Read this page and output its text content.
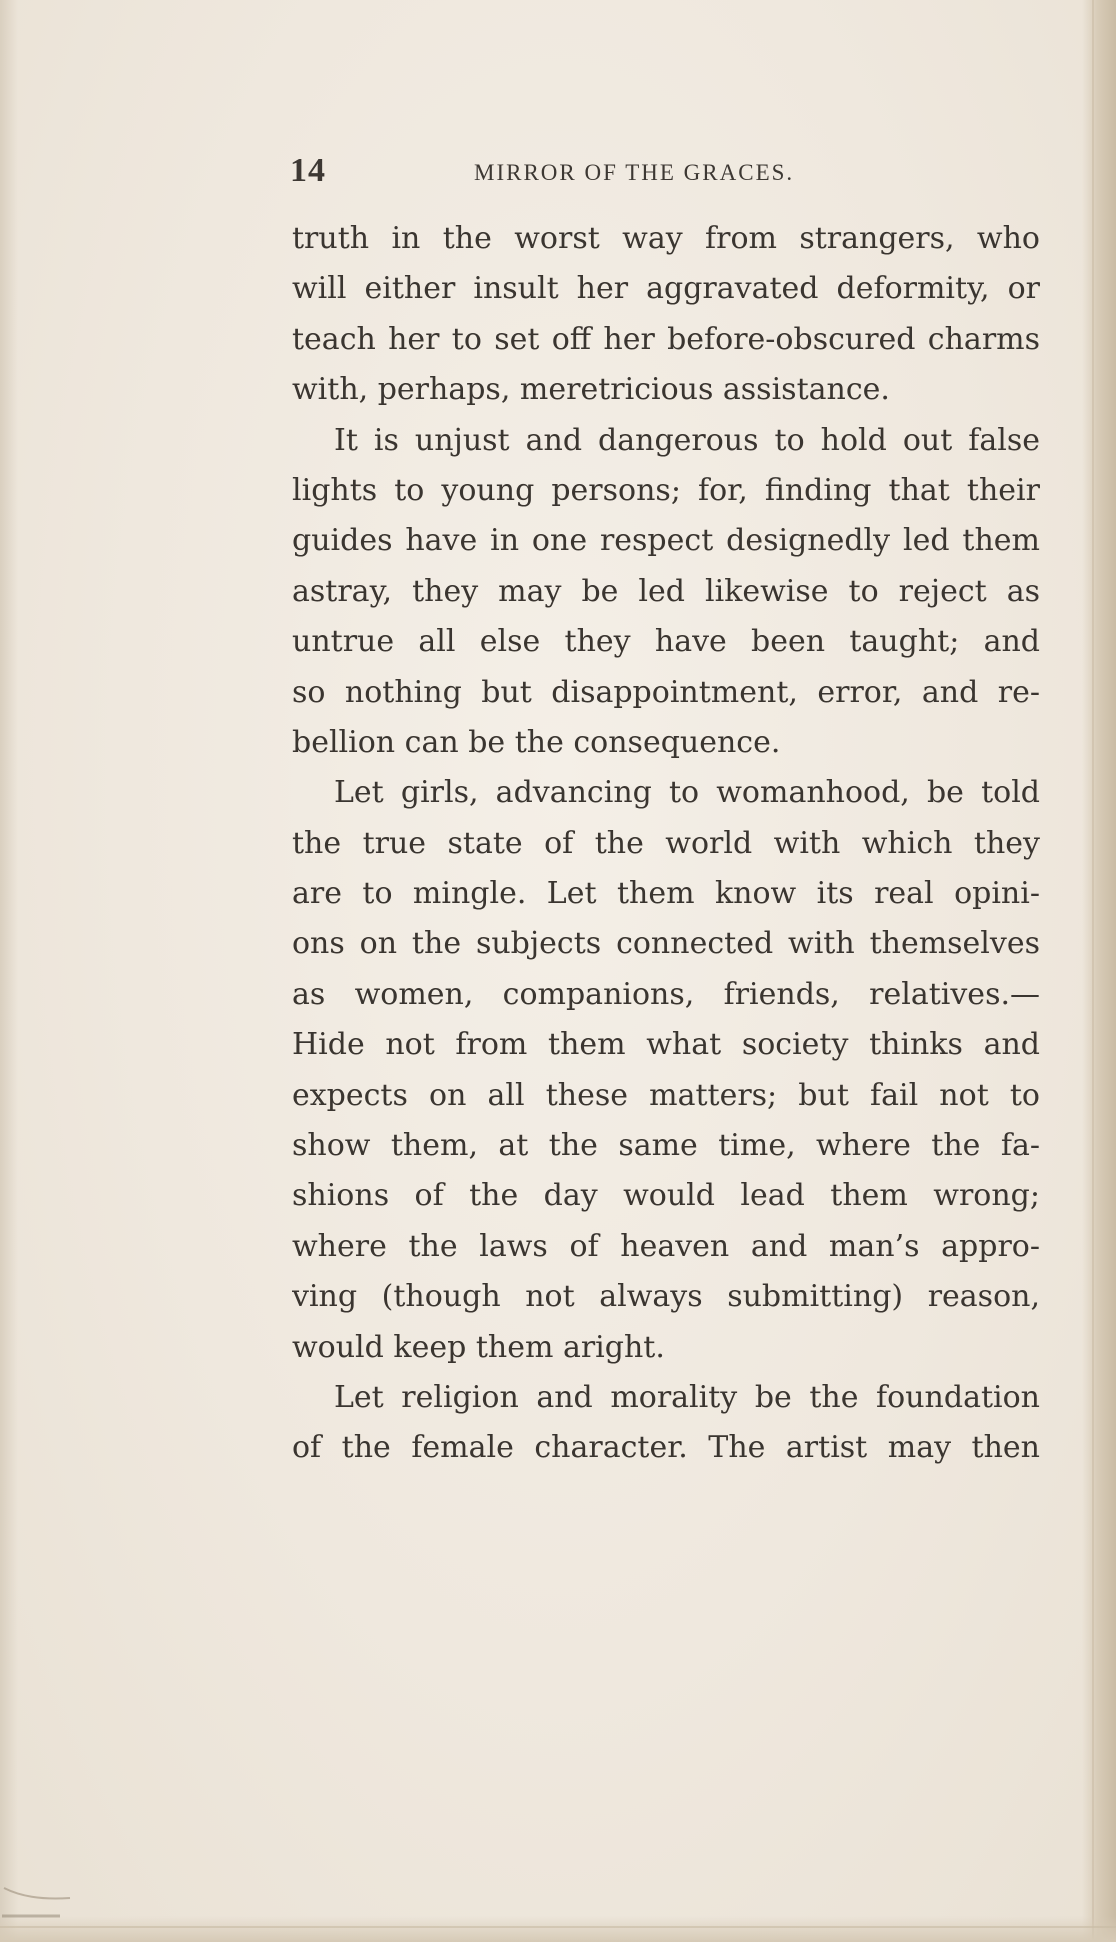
14	MIRROR OF THE GRACES.
truth in the worst way from strangers, who
will either insult her aggravated deformity, or
teach her to set off her before-obscured charms
with, perhaps, meretricious assistance.
It is unjust and dangerous to hold out false
lights to young persons; for, finding that their
guides have in one respect designedly led them
astray, they may be led likewise to reject as
untrue all else they have been taught; and
so nothing but disappointment, error, and re-
bellion can be the consequence.
Let girls, advancing to womanhood, be told
the true state of the world with which they
are to mingle. Let them know its real opini-
ons on the subjects connected with themselves
as women, companions, friends, relatives.—
Hide not from them what society thinks and
expects on all these matters; but fail not to
show them, at the same time, where the fa-
shions of the day would lead them wrong;
where the laws of heaven and man’s appro-
ving (though not always submitting) reason,
would keep them aright.
Let religion and morality be the foundation
of the female character. The artist may then
